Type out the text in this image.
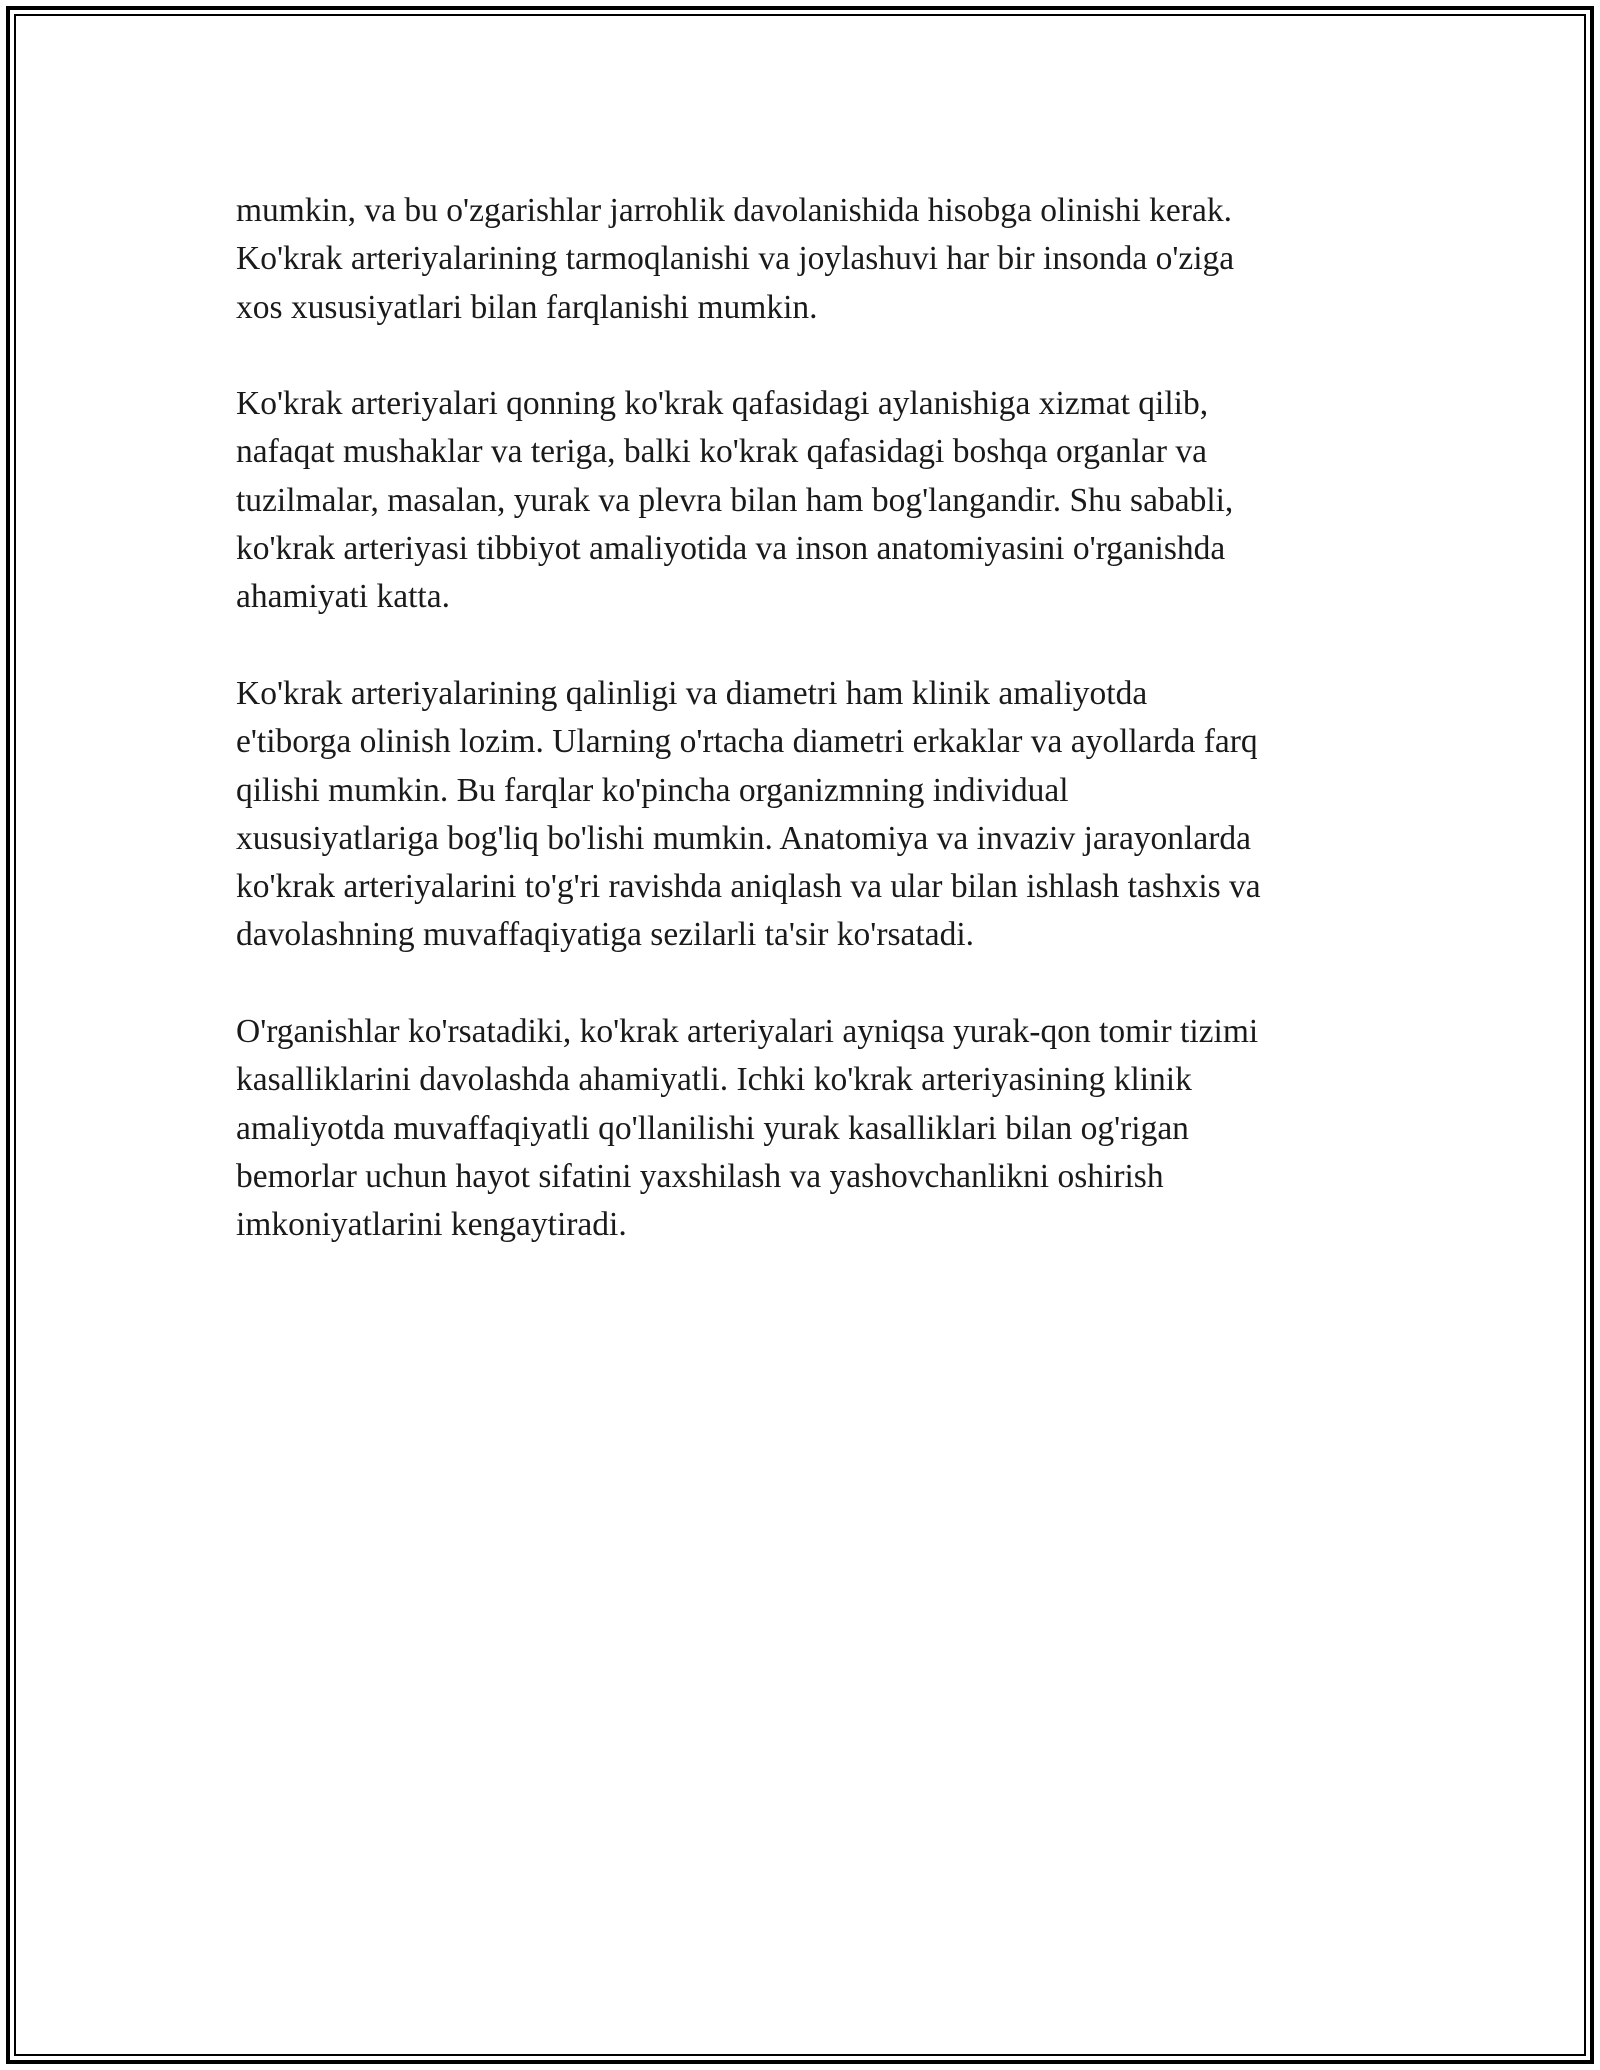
mumkin, va bu o'zgarishlar jarrohlik davolanishida hisobga olinishi kerak.
Ko'krak arteriyalarining tarmoqlanishi va joylashuvi har bir insonda o'ziga
xos xususiyatlari bilan farqlanishi mumkin.

Ko'krak arteriyalari qonning ko'krak qafasidagi aylanishiga xizmat qilib,
nafaqat mushaklar va teriga, balki ko'krak qafasidagi boshqa organlar va
tuzilmalar, masalan, yurak va plevra bilan ham bog'langandir. Shu sababli,
ko'krak arteriyasi tibbiyot amaliyotida va inson anatomiyasini o'rganishda
ahamiyati katta.

Ko'krak arteriyalarining qalinligi va diametri ham klinik amaliyotda
e'tiborga olinish lozim. Ularning o'rtacha diametri erkaklar va ayollarda farq
qilishi mumkin. Bu farqlar ko'pincha organizmning individual
xususiyatlariga bog'liq bo'lishi mumkin. Anatomiya va invaziv jarayonlarda
ko'krak arteriyalarini to'g'ri ravishda aniqlash va ular bilan ishlash tashxis va
davolashning muvaffaqiyatiga sezilarli ta'sir ko'rsatadi.

O'rganishlar ko'rsatadiki, ko'krak arteriyalari ayniqsa yurak-qon tomir tizimi
kasalliklarini davolashda ahamiyatli. Ichki ko'krak arteriyasining klinik
amaliyotda muvaffaqiyatli qo'llanilishi yurak kasalliklari bilan og'rigan
bemorlar uchun hayot sifatini yaxshilash va yashovchanlikni oshirish
imkoniyatlarini kengaytiradi.
